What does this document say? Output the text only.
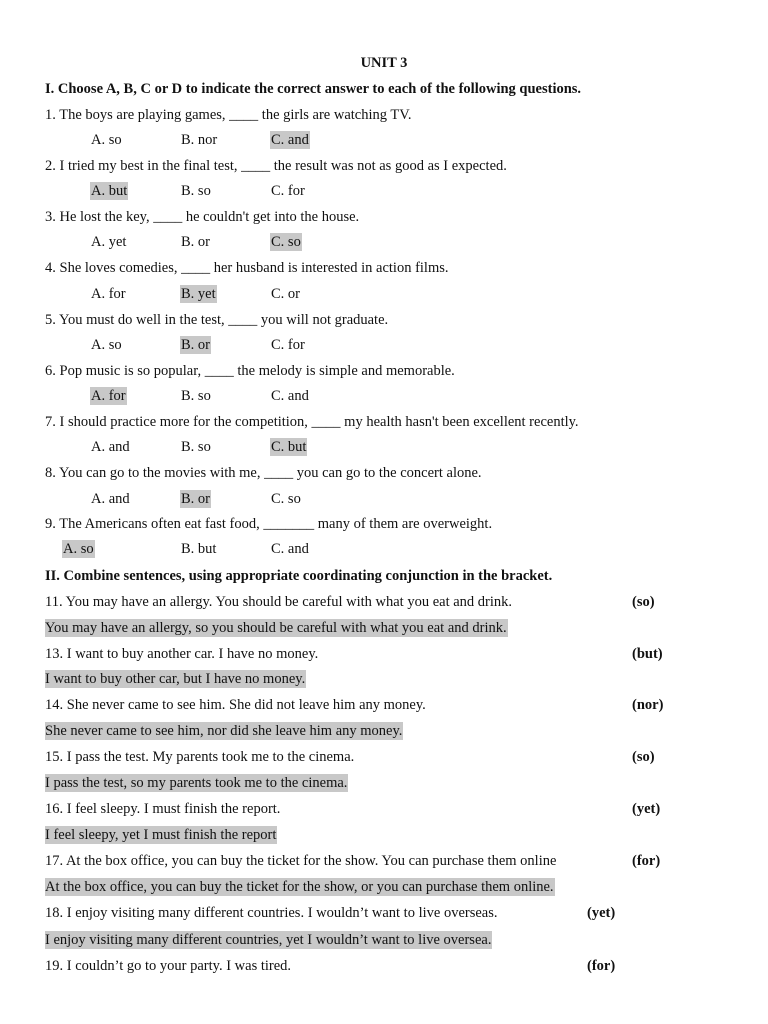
UNIT 3
I. Choose A, B, C or D to indicate the correct answer to each of the following questions.
1. The boys are playing games, ____ the girls are watching TV.
A. so	B. nor	C. and
2. I tried my best in the final test, ____ the result was not as good as I expected.
A. but	B. so	C. for
3. He lost the key, ____ he couldn't get into the house.
A. yet	B. or	C. so
4. She loves comedies, ____ her husband is interested in action films.
A. for	B. yet	C. or
5. You must do well in the test, ____ you will not graduate.
A. so	B. or	C. for
6. Pop music is so popular, ____ the melody is simple and memorable.
A. for	B. so	C. and
7. I should practice more for the competition, ____ my health hasn't been excellent recently.
A. and	B. so	C. but
8. You can go to the movies with me, ____ you can go to the concert alone.
A. and	B. or	C. so
9. The Americans often eat fast food, _______ many of them are overweight.
A. so	B. but	C. and
II. Combine sentences, using appropriate coordinating conjunction in the bracket.
11. You may have an allergy. You should be careful with what you eat and drink.	(so)
You may have an allergy, so you should be careful with what you eat and drink.
13. I want to buy another car. I have no money.	(but)
I want to buy other car, but I have no money.
14. She never came to see him. She did not leave him any money.	(nor)
She never came to see him, nor did she leave him any money.
15. I pass the test. My parents took me to the cinema.	(so)
I pass the test, so my parents took me to the cinema.
16. I feel sleepy. I must finish the report.	(yet)
I feel sleepy, yet I must finish the report
17. At the box office, you can buy the ticket for the show. You can purchase them online	(for)
At the box office, you can buy the ticket for the show, or you can purchase them online.
18. I enjoy visiting many different countries. I wouldn’t want to live overseas.	(yet)
I enjoy visiting many different countries, yet I wouldn’t want to live oversea.
19. I couldn’t go to your party. I was tired.	(for)
